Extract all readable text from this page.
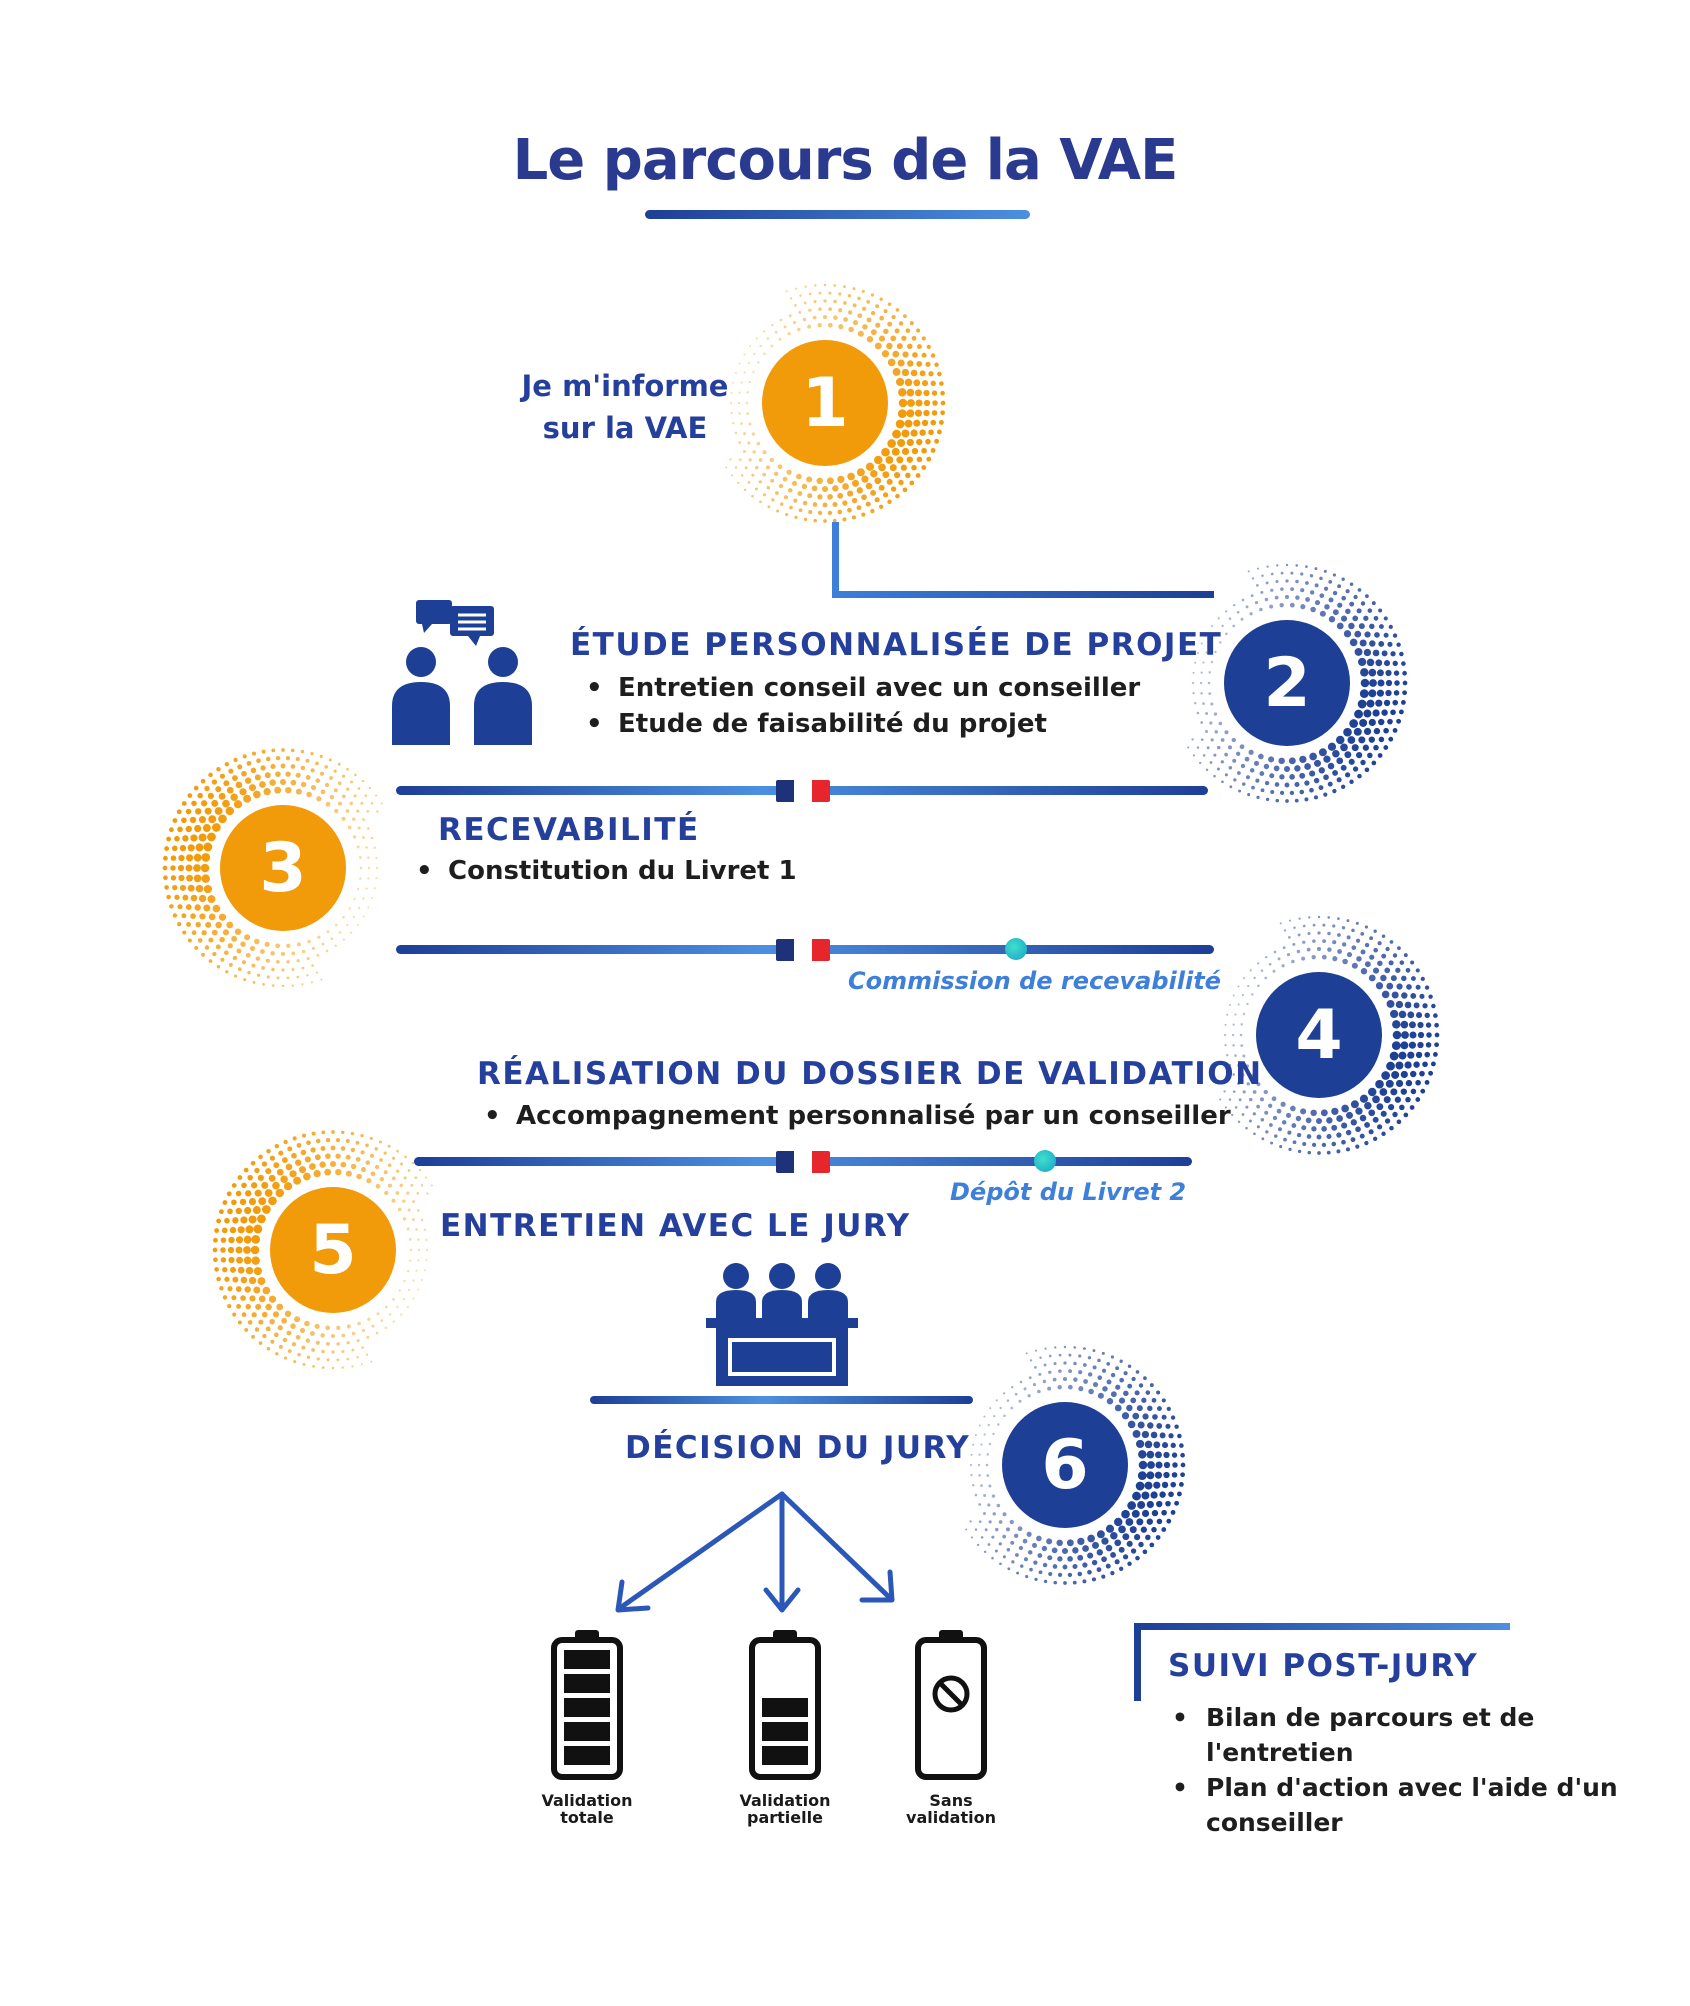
Le parcours de la VAE
Je m'informe
sur la VAE	1
ÉTUDE PERSONNALISÉE DE PROJET
• Entretien conseil avec un conseiller
• Etude de faisabilité du projet
2
3	RECEVABILITÉ
• Constitution du Livret 1
Commission de recevabilité
4
RÉALISATION DU DOSSIER DE VALIDATION
• Accompagnement personnalisé par un conseiller
Dépôt du Livret 2
5	ENTRETIEN AVEC LE JURY
DÉCISION DU JURY	6
Validation
totale
Validation
partielle
Sans
validation
SUIVI POST-JURY
• Bilan de parcours et de
l'entretien
• Plan d'action avec l'aide d'un
conseiller
